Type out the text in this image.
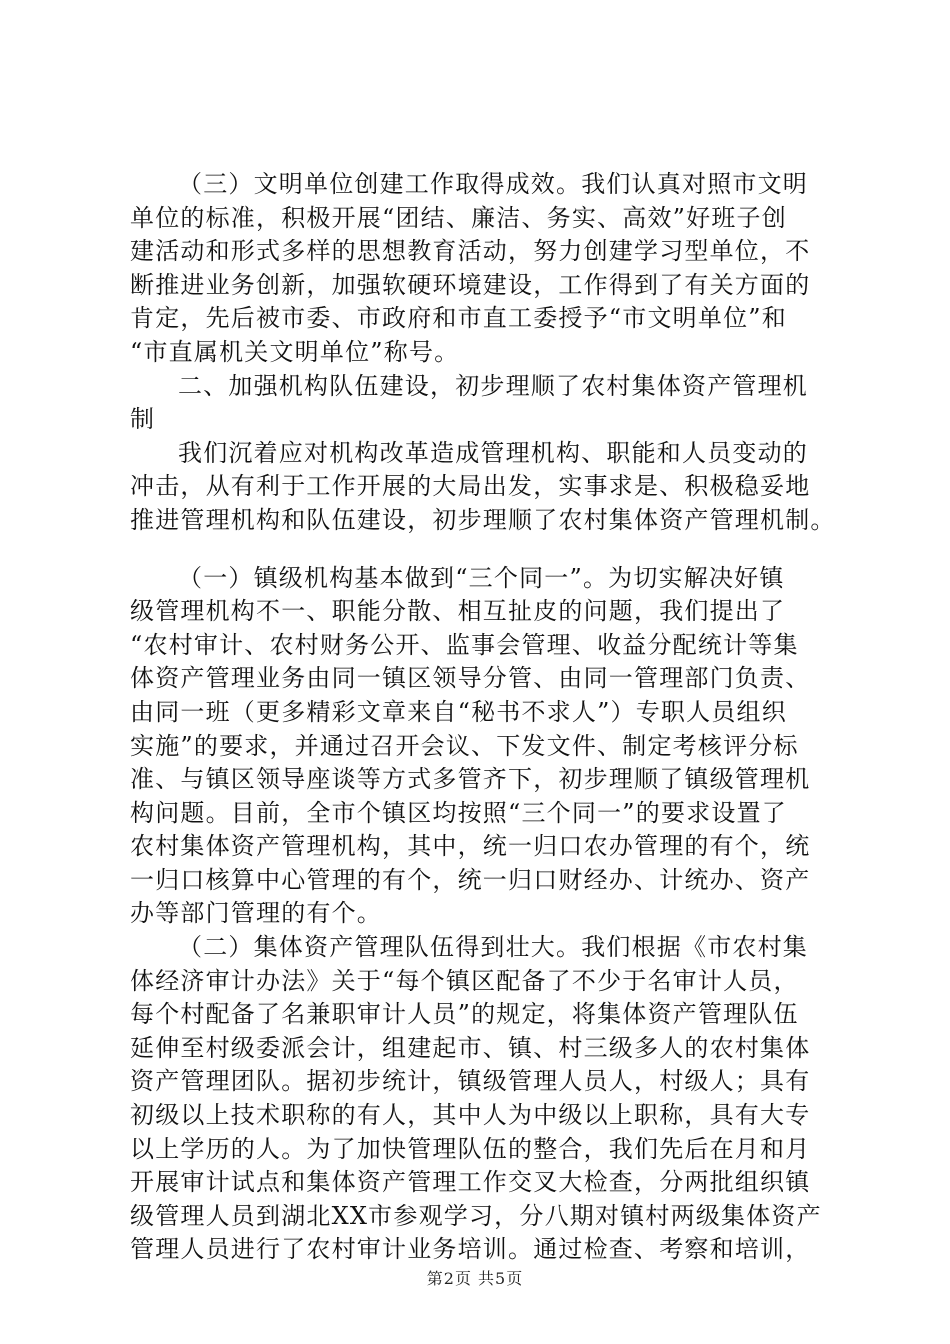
（三）文明单位创建工作取得成效。我们认真对照市文明
单位的标准，积极开展“团结、廉洁、务实、高效”好班子创
建活动和形式多样的思想教育活动，努力创建学习型单位，不
断推进业务创新，加强软硬环境建设，工作得到了有关方面的
肯定，先后被市委、市政府和市直工委授予“市文明单位”和
“市直属机关文明单位”称号。
二、加强机构队伍建设，初步理顺了农村集体资产管理机
制
我们沉着应对机构改革造成管理机构、职能和人员变动的
冲击，从有利于工作开展的大局出发，实事求是、积极稳妥地
推进管理机构和队伍建设，初步理顺了农村集体资产管理机制。
（一）镇级机构基本做到“三个同一”。为切实解决好镇
级管理机构不一、职能分散、相互扯皮的问题，我们提出了
“农村审计、农村财务公开、监事会管理、收益分配统计等集
体资产管理业务由同一镇区领导分管、由同一管理部门负责、
由同一班（更多精彩文章来自“秘书不求人”）专职人员组织
实施”的要求，并通过召开会议、下发文件、制定考核评分标
准、与镇区领导座谈等方式多管齐下，初步理顺了镇级管理机
构问题。目前，全市个镇区均按照“三个同一”的要求设置了
农村集体资产管理机构，其中，统一归口农办管理的有个，统
一归口核算中心管理的有个，统一归口财经办、计统办、资产
办等部门管理的有个。
（二）集体资产管理队伍得到壮大。我们根据《市农村集
体经济审计办法》关于“每个镇区配备了不少于名审计人员，
每个村配备了名兼职审计人员”的规定，将集体资产管理队伍
延伸至村级委派会计，组建起市、镇、村三级多人的农村集体
资产管理团队。据初步统计，镇级管理人员人，村级人；具有
初级以上技术职称的有人，其中人为中级以上职称，具有大专
以上学历的人。为了加快管理队伍的整合，我们先后在月和月
开展审计试点和集体资产管理工作交叉大检查，分两批组织镇
级管理人员到湖北XX市参观学习，分八期对镇村两级集体资产
管理人员进行了农村审计业务培训。通过检查、考察和培训，
第2页 共5页
